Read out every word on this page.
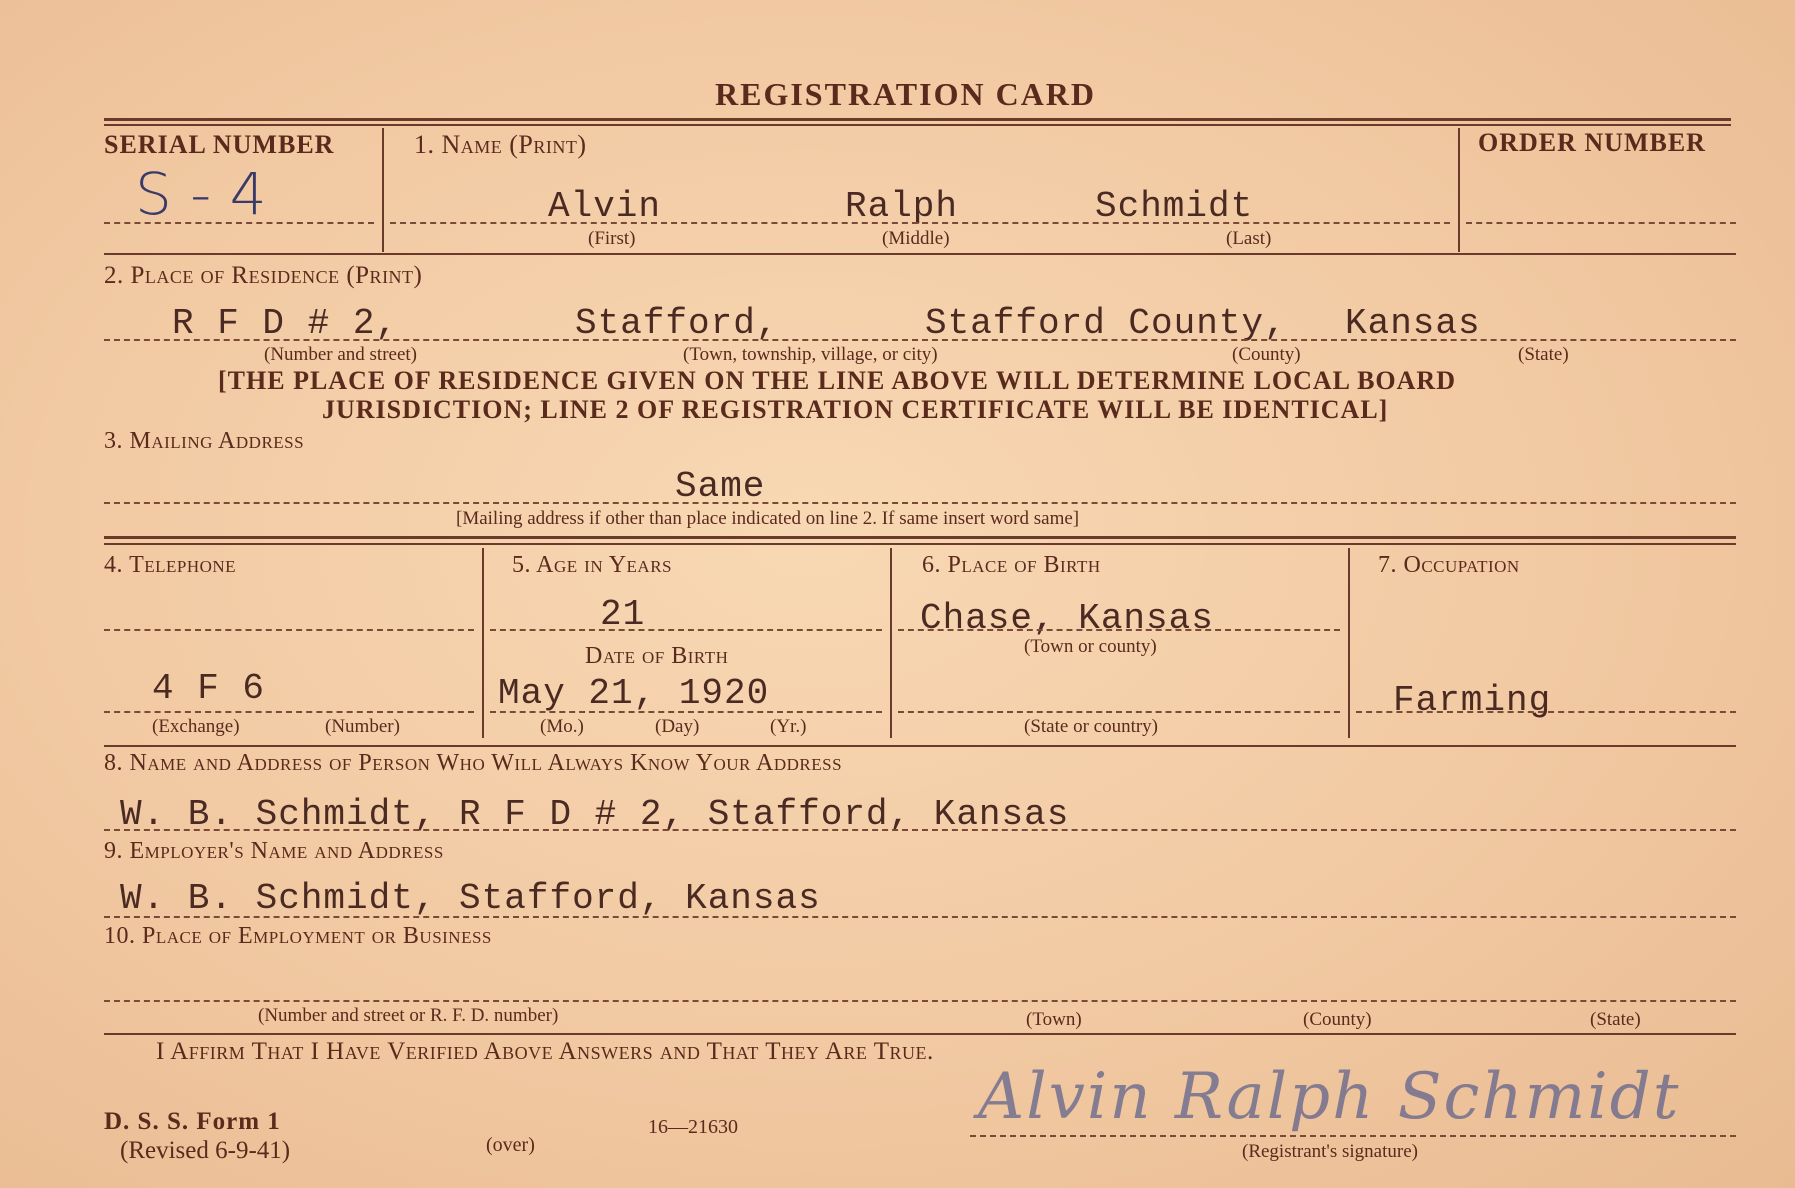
REGISTRATION CARD
SERIAL NUMBER
S - 4
1. Name (Print)
Alvin	Ralph	Schmidt
(First)	(Middle)	(Last)
ORDER NUMBER
2. Place of Residence (Print)
R F D # 2,	Stafford,	Stafford County, Kansas
(Number and street)	(Town, township, village, or city)	(County)	(State)
[THE PLACE OF RESIDENCE GIVEN ON THE LINE ABOVE WILL DETERMINE LOCAL BOARD
JURISDICTION; LINE 2 OF REGISTRATION CERTIFICATE WILL BE IDENTICAL]
3. Mailing Address
Same
[Mailing address if other than place indicated on line 2. If same insert word same]
4. Telephone
4 F 6
(Exchange)	(Number)
5. Age in Years
21
Date of Birth
May 21, 1920
(Mo.)	(Day)	(Yr.)
6. Place of Birth
Chase, Kansas
(Town or county)
(State or country)
7. Occupation
Farming
8. Name and Address of Person Who Will Always Know Your Address
W. B. Schmidt, R F D # 2, Stafford, Kansas
9. Employer's Name and Address
W. B. Schmidt, Stafford, Kansas
10. Place of Employment or Business
(Number and street or R. F. D. number)	(Town)	(County)	(State)
I Affirm That I Have Verified Above Answers and That They Are True.
D. S. S. Form 1
(Revised 6-9-41)	(over)
16—21630	Alvin Ralph Schmidt
(Registrant's signature)
